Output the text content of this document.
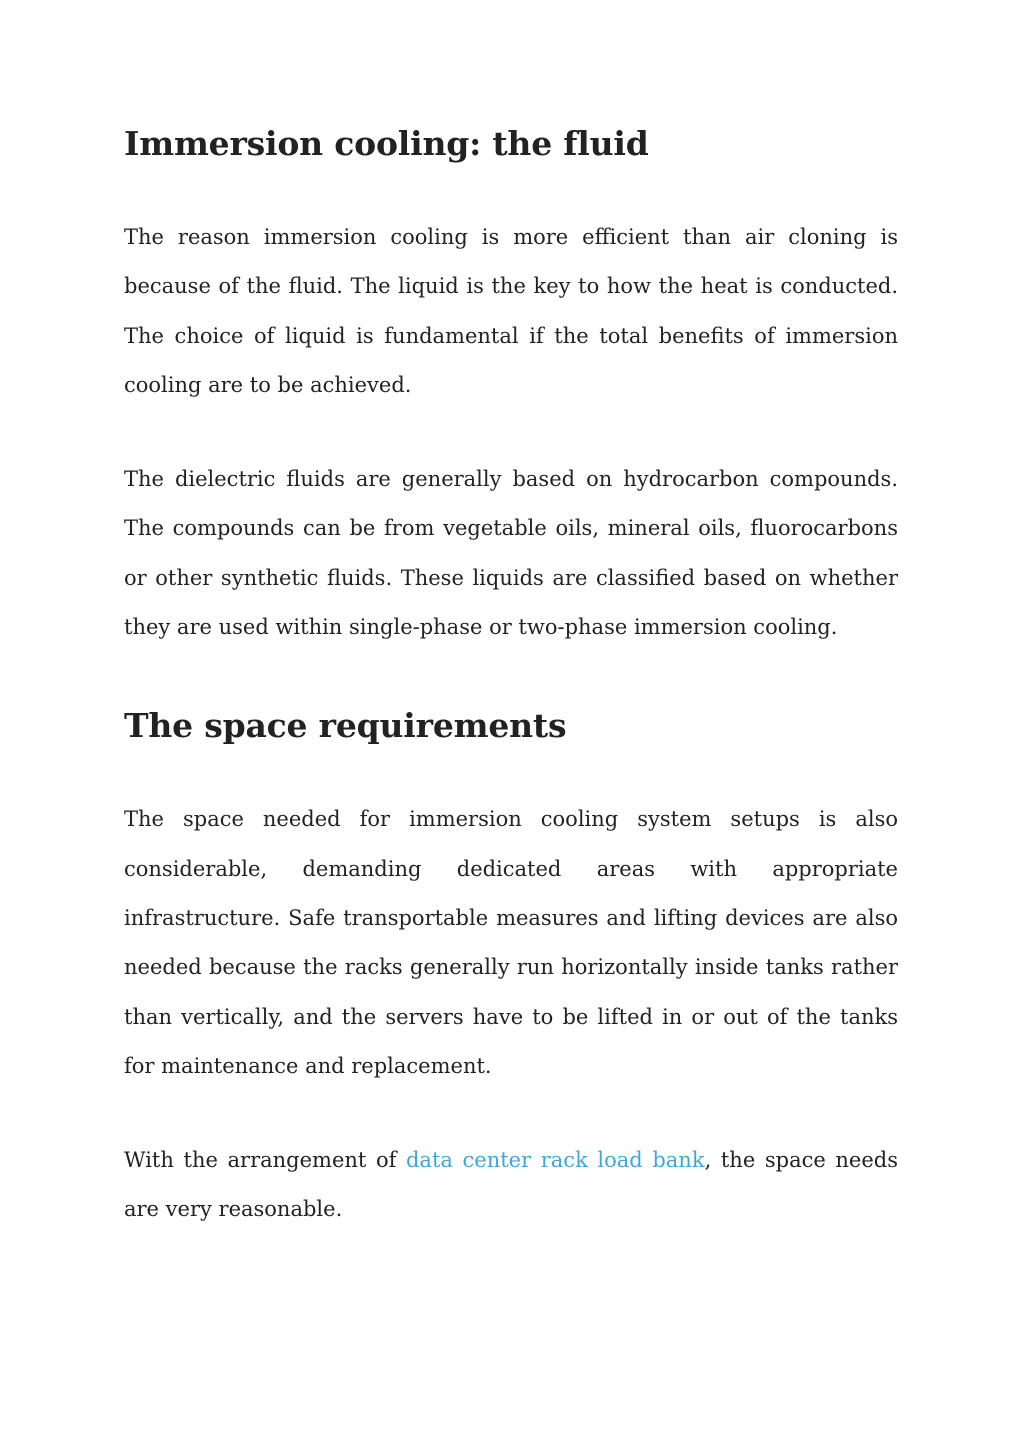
Immersion cooling: the fluid

The reason immersion cooling is more efficient than air cloning is because of the fluid. The liquid is the key to how the heat is conducted. The choice of liquid is fundamental if the total benefits of immersion cooling are to be achieved.

The dielectric fluids are generally based on hydrocarbon compounds. The compounds can be from vegetable oils, mineral oils, fluorocarbons or other synthetic fluids. These liquids are classified based on whether they are used within single-phase or two-phase immersion cooling.

The space requirements

The space needed for immersion cooling system setups is also considerable, demanding dedicated areas with appropriate infrastructure. Safe transportable measures and lifting devices are also needed because the racks generally run horizontally inside tanks rather than vertically, and the servers have to be lifted in or out of the tanks for maintenance and replacement.

With the arrangement of data center rack load bank, the space needs are very reasonable.
